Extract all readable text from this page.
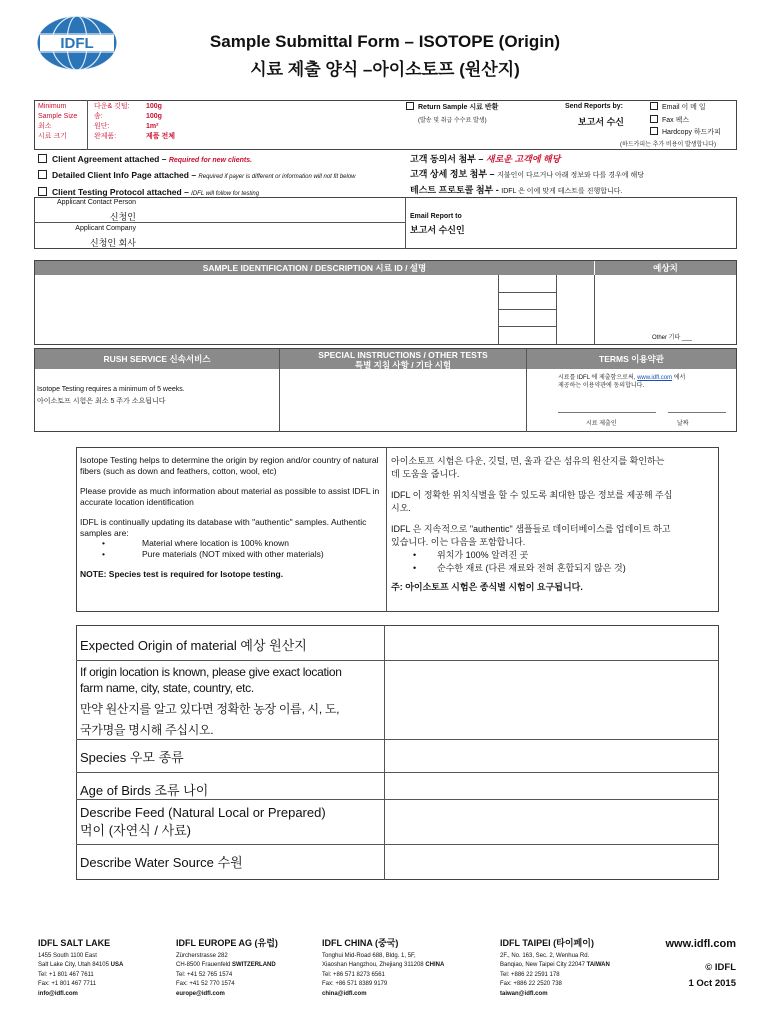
IDFL	Sample Submittal Form – ISOTOPE (Origin)
시료 제출 양식 –아이소토프 (원산지)
Minimum
Sample Size
최소
시료 크기
다운& 깃털: 100g
솜:	100g
원단:	1m²
완제품:	제품 전체
Return Sample 시료 반환
(발송 및 취급 수수료 발생)
Send Reports by:
보고서 수신
Email 이 메 일
Fax 팩스
Hardcopy 하드카피
(하드카피는 추가 비용이 발생합니다)
Client Agreement attached – Required for new clients.
Detailed Client Info Page attached – Required if payer is different or information will not fit below
Client Testing Protocol attached – IDFL will follow for testing
고객 동의서 첨부 – 새로운 고객에 해당
고객 상세 정보 첨부 – 지불인이 다르거나 아래 정보와 다를 경우에 해당
테스트 프로토콜 첨부 - IDFL 은 이에 맞게 테스트를 진행합니다.
Applicant Contact Person
신청인
Applicant Company
신청인 회사
Email Report to
보고서 수신인
SAMPLE IDENTIFICATION / DESCRIPTION 시료 ID / 설명	예상치
Other 기타 ___
RUSH SERVICE 신속서비스	SPECIAL INSTRUCTIONS / OTHER TESTS
특별 지침 사항 / 기타 시험
TERMS 이용약관
Isotope Testing requires a minimum of 5 weeks.
아이소토프 시험은 최소 5 주가 소요됩니다
시료를 IDFL 에 제출함으로써, www.idfl.com 에서
제공하는 이용약관에 동의합니다.
시료 제출인	날짜
Isotope Testing helps to determine the origin by region and/or country of natural fibers (such as down and feathers, cotton, wool, etc)
Please provide as much information about material as possible to assist IDFL in accurate location identification
IDFL is continually updating its database with "authentic" samples. Authentic samples are:
•	Material where location is 100% known
•	Pure materials (NOT mixed with other materials)
NOTE: Species test is required for Isotope testing.
아이소토프 시험은 다운, 깃털, 면, 울과 같은 섬유의 원산지를 확인하는데 도움을 줍니다.
IDFL 이 정확한 위치식별을 할 수 있도록 최대한 많은 정보를 제공해 주십시오.
IDFL 은 지속적으로 "authentic" 샘플들로 데이터베이스를 업데이트 하고있습니다. 이는 다음을 포함합니다.
• 위치가 100% 알려진 곳
• 순수한 재료 (다른 재료와 전혀 혼합되지 않은 것)
주: 아이소토프 시험은 종식별 시험이 요구됩니다.
Expected Origin of material 예상 원산지
If origin location is known, please give exact location
farm name, city, state, country, etc.
만약 원산지를 알고 있다면 정확한 농장 이름, 시, 도,
국가명을 명시해 주십시오.
Species 우모 종류
Age of Birds 조류 나이
Describe Feed (Natural Local or Prepared)
먹이 (자연식 / 사료)
Describe Water Source 수원
IDFL SALT LAKE
1455 South 1100 East
Salt Lake City, Utah 84105 USA
Tel: +1 801 467 7611
Fax: +1 801 467 7711
info@idfl.com
IDFL EUROPE AG (유럽)
Zürcherstrasse 282
CH-8500 Frauenfeld SWITZERLAND
Tel: +41 52 765 1574
Fax: +41 52 770 1574
europe@idfl.com
IDFL CHINA (중국)
Tonghui Mid-Road 688, Bldg. 1, 5F,
Xiaoshan Hangzhou, Zhejiang 311208 CHINA
Tel: +86 571 8273 6561
Fax: +86 571 8389 9179
china@idfl.com
IDFL TAIPEI (타이페이)
2F., No. 163, Sec. 2, Wenhua Rd.
Banqiao, New Taipei City 22047 TAIWAN
Tel: +886 22 2591 178
Fax: +886 22 2520 738
taiwan@idfl.com
www.idfl.com
© IDFL
1 Oct 2015
